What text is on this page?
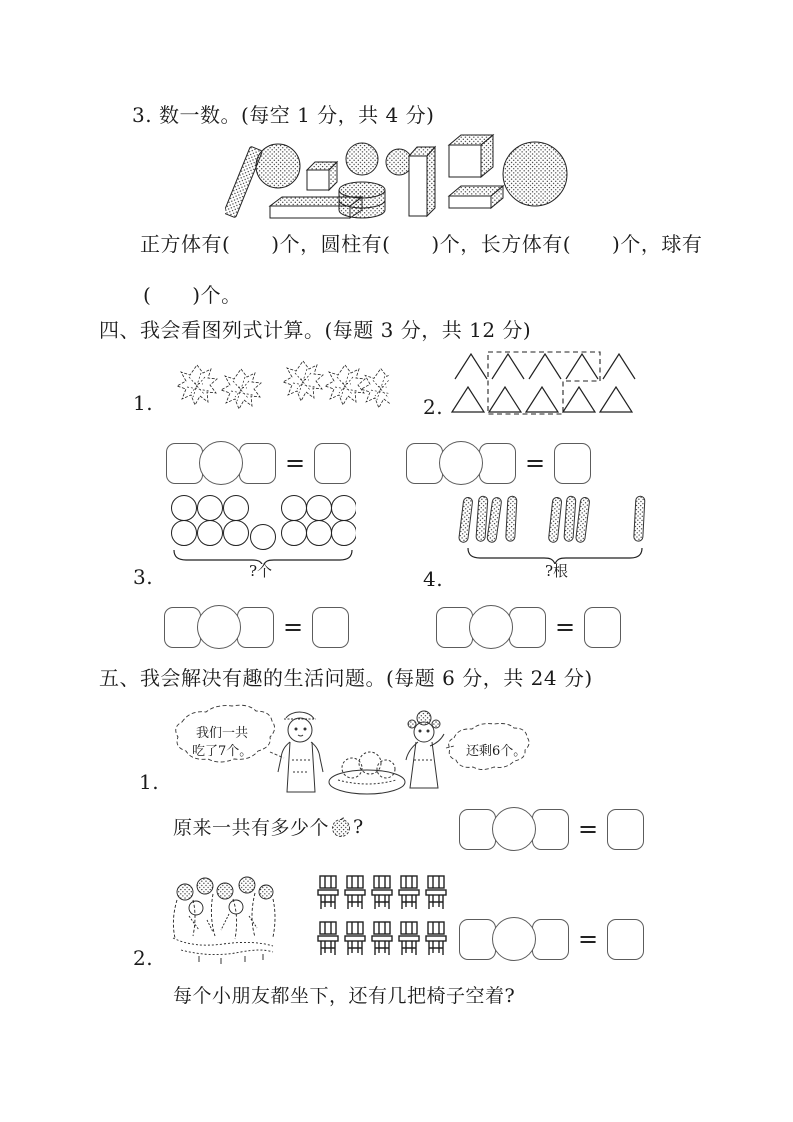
3. 数一数。(每空 1 分，共 4 分)
正方体有(　　)个，圆柱有(　　)个，长方体有(　　)个，球有
(　　)个。
四、我会看图列式计算。(每题 3 分，共 12 分)
1.	2.
=	=
?个
3.	?根
4.
=	=
五、我会解决有趣的生活问题。(每题 6 分，共 24 分)
我们一共
吃了7个。	还剩6个。
1.
原来一共有多少个 ?	=
2.
=
每个小朋友都坐下，还有几把椅子空着?
